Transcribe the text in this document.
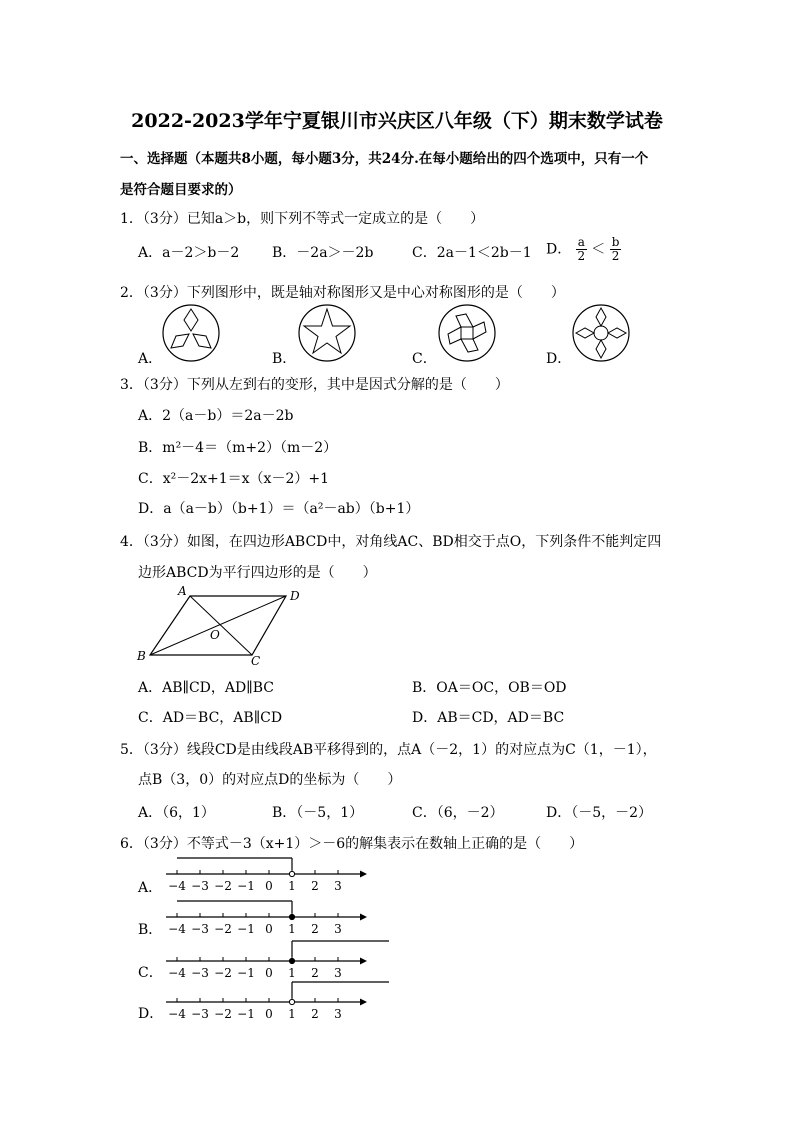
2022-2023学年宁夏银川市兴庆区八年级（下）期末数学试卷
一、选择题（本题共8小题，每小题3分，共24分.在每小题给出的四个选项中，只有一个
是符合题目要求的）
1．（3分）已知a＞b，则下列不等式一定成立的是（　　）
A．a－2＞b－2 B．－2a＞－2b	C．2a－1＜2b－1 D． $\frac{a}{2} < \frac{b}{2}$
2．（3分）下列图形中，既是轴对称图形又是中心对称图形的是（　　）
A．	B．	C．	D．
3．（3分）下列从左到右的变形，其中是因式分解的是（　　）
A．2（a－b）＝2a－2b
B．m²－4＝（m+2）（m－2）
C．x²－2x+1＝x（x－2）+1
D．a（a－b）（b+1）＝（a²－ab）（b+1）
4．（3分）如图，在四边形ABCD中，对角线AC、BD相交于点O，下列条件不能判定四
边形ABCD为平行四边形的是（　　）
A	D
O
B	C
A．AB∥CD，AD∥BC	B．OA＝OC，OB＝OD
C．AD＝BC，AB∥CD	D．AB＝CD，AD＝BC
5．（3分）线段CD是由线段AB平移得到的，点A（－2，1）的对应点为C（1，－1），
点B（3，0）的对应点D的坐标为（　　）
A．（6，1）	B．（－5，1）	C．（6，－2）	D．（－5，－2）
6．（3分）不等式－3（x+1）＞－6的解集表示在数轴上正确的是（　　）
A．
B．
C．
D．
−4 −3 −2 −1 0 1 2 3
−4 −3 −2 −1 0 1 2 3
−4 −3 −2 −1 0 1 2 3
−4 −3 −2 −1 0 1 2 3
